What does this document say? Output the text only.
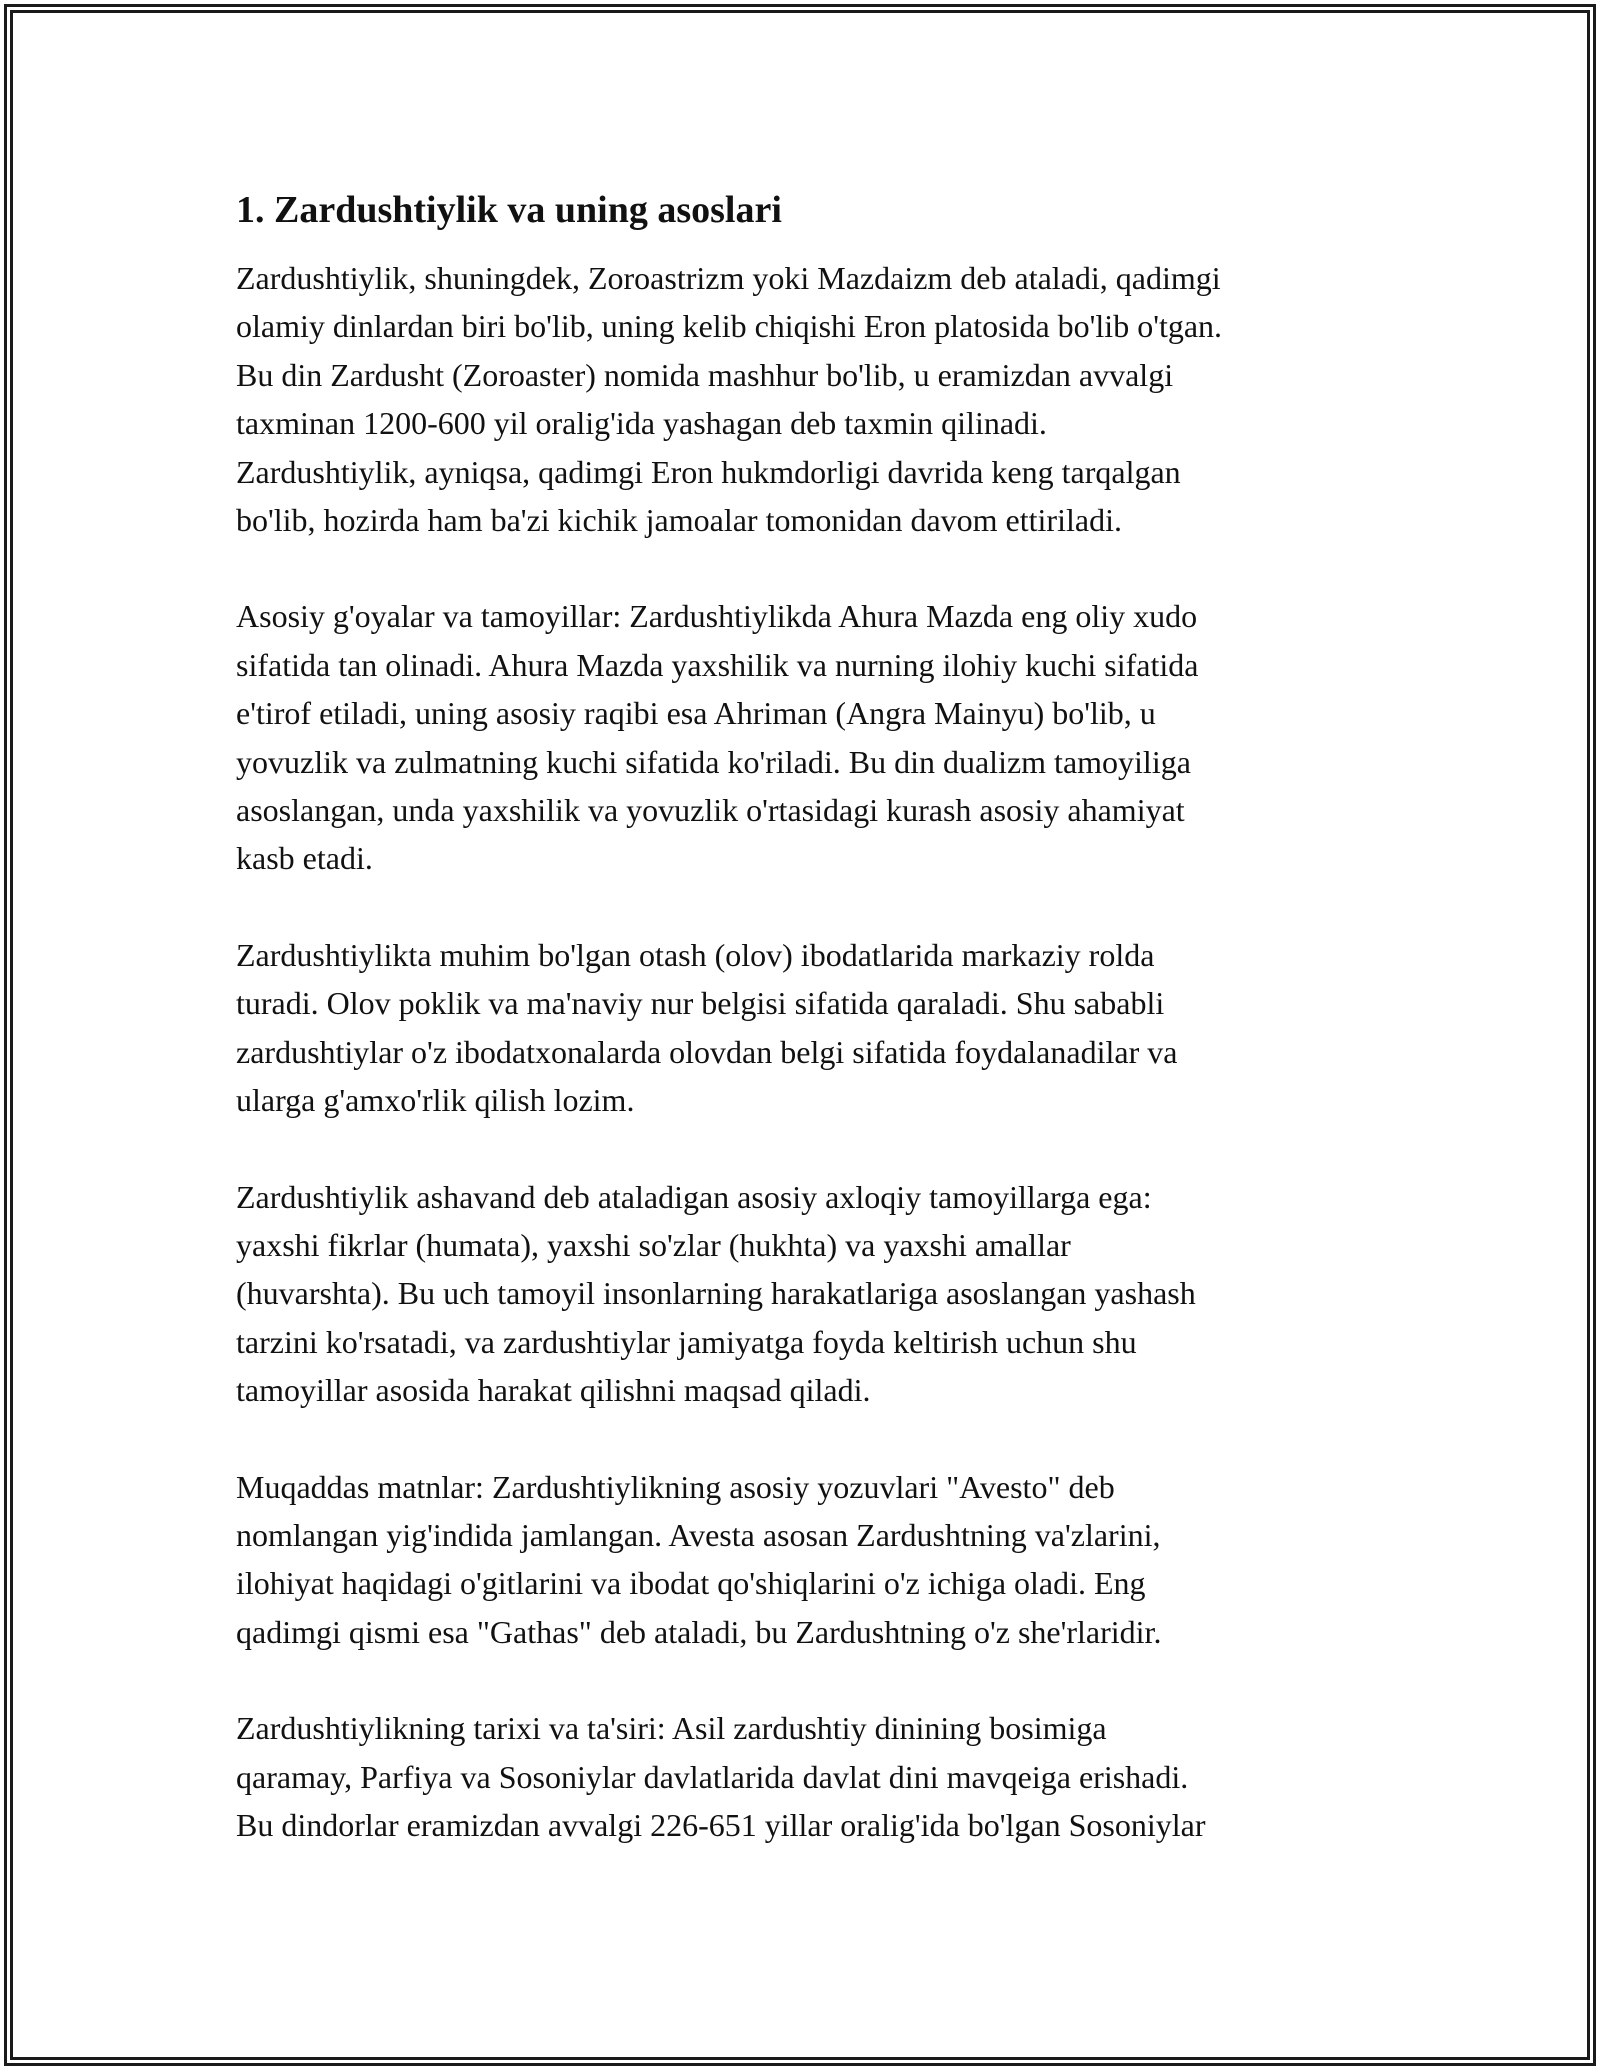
1. Zardushtiylik va uning asoslari

Zardushtiylik, shuningdek, Zoroastrizm yoki Mazdaizm deb ataladi, qadimgi
olamiy dinlardan biri bo'lib, uning kelib chiqishi Eron platosida bo'lib o'tgan.
Bu din Zardusht (Zoroaster) nomida mashhur bo'lib, u eramizdan avvalgi
taxminan 1200-600 yil oralig'ida yashagan deb taxmin qilinadi.
Zardushtiylik, ayniqsa, qadimgi Eron hukmdorligi davrida keng tarqalgan
bo'lib, hozirda ham ba'zi kichik jamoalar tomonidan davom ettiriladi.

Asosiy g'oyalar va tamoyillar: Zardushtiylikda Ahura Mazda eng oliy xudo
sifatida tan olinadi. Ahura Mazda yaxshilik va nurning ilohiy kuchi sifatida
e'tirof etiladi, uning asosiy raqibi esa Ahriman (Angra Mainyu) bo'lib, u
yovuzlik va zulmatning kuchi sifatida ko'riladi. Bu din dualizm tamoyiliga
asoslangan, unda yaxshilik va yovuzlik o'rtasidagi kurash asosiy ahamiyat
kasb etadi.

Zardushtiylikta muhim bo'lgan otash (olov) ibodatlarida markaziy rolda
turadi. Olov poklik va ma'naviy nur belgisi sifatida qaraladi. Shu sababli
zardushtiylar o'z ibodatxonalarda olovdan belgi sifatida foydalanadilar va
ularga g'amxo'rlik qilish lozim.

Zardushtiylik ashavand deb ataladigan asosiy axloqiy tamoyillarga ega:
yaxshi fikrlar (humata), yaxshi so'zlar (hukhta) va yaxshi amallar
(huvarshta). Bu uch tamoyil insonlarning harakatlariga asoslangan yashash
tarzini ko'rsatadi, va zardushtiylar jamiyatga foyda keltirish uchun shu
tamoyillar asosida harakat qilishni maqsad qiladi.

Muqaddas matnlar: Zardushtiylikning asosiy yozuvlari "Avesto" deb
nomlangan yig'indida jamlangan. Avesta asosan Zardushtning va'zlarini,
ilohiyat haqidagi o'gitlarini va ibodat qo'shiqlarini o'z ichiga oladi. Eng
qadimgi qismi esa "Gathas" deb ataladi, bu Zardushtning o'z she'rlaridir.

Zardushtiylikning tarixi va ta'siri: Asil zardushtiy dinining bosimiga
qaramay, Parfiya va Sosoniylar davlatlarida davlat dini mavqeiga erishadi.
Bu dindorlar eramizdan avvalgi 226-651 yillar oralig'ida bo'lgan Sosoniylar
